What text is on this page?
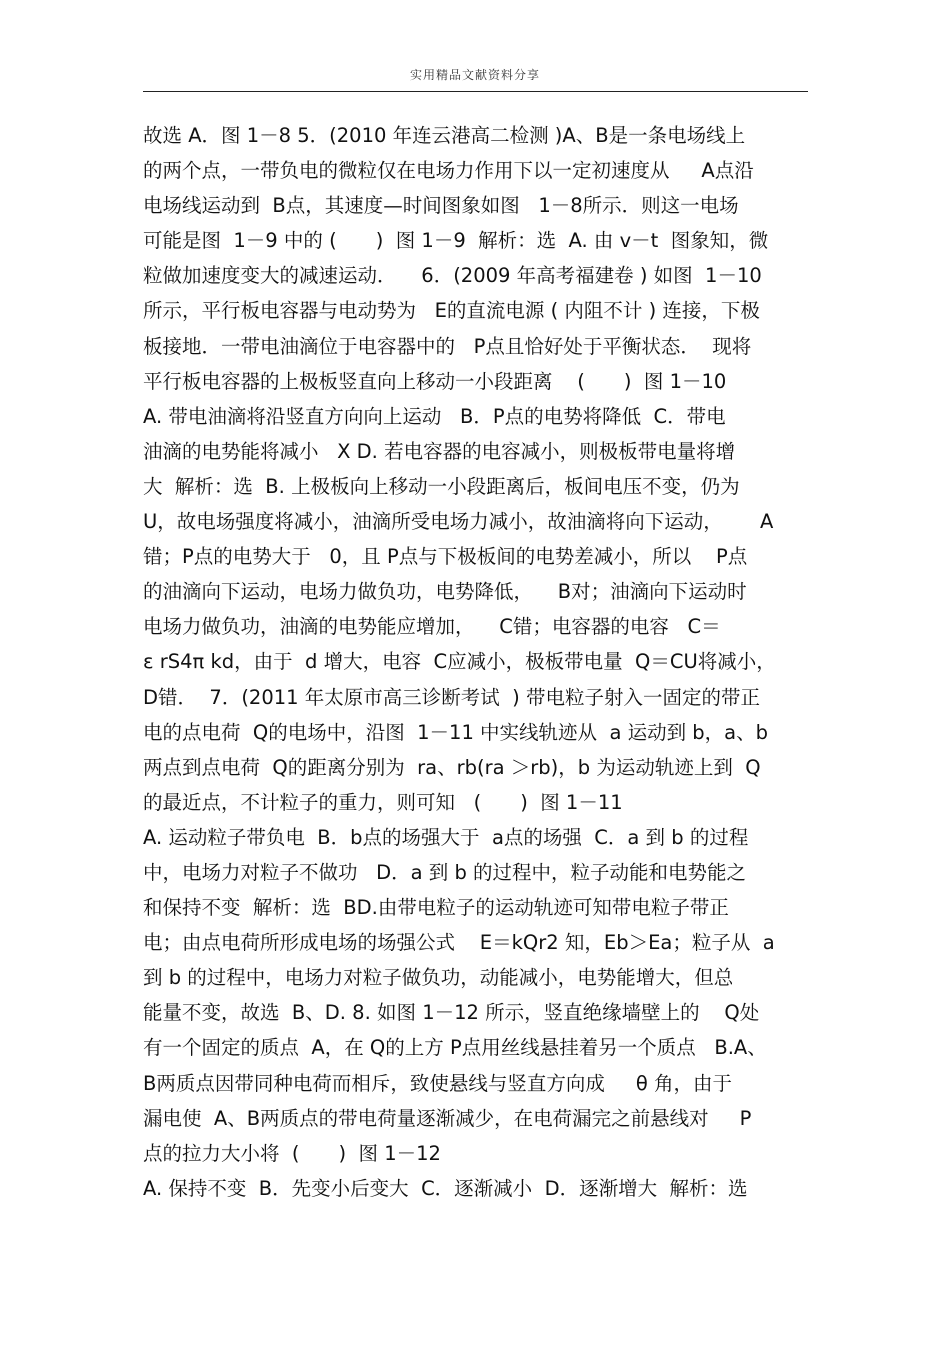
实用精品文献资料分享
故选 A．图 1－8 5．(2010 年连云港高二检测 )A、B是一条电场线上
的两个点，一带负电的微粒仅在电场力作用下以一定初速度从　  A点沿
电场线运动到  B点，其速度—时间图象如图   1－8所示．则这一电场
可能是图  1－9 中的 (　　)  图 1－9  解析：选  A. 由 v－t  图象知，微
粒做加速度变大的减速运动．    6．(2009 年高考福建卷 ) 如图  1－10
所示，平行板电容器与电动势为   E的直流电源 ( 内阻不计 ) 连接，下极
板接地．一带电油滴位于电容器中的   P点且恰好处于平衡状态．  现将
平行板电容器的上极板竖直向上移动一小段距离    (　　)  图 1－10
A. 带电油滴将沿竖直方向向上运动   B．P点的电势将降低  C．带电
油滴的电势能将减小   X D. 若电容器的电容减小，则极板带电量将增
大  解析：选  B. 上极板向上移动一小段距离后，板间电压不变，仍为
U，故电场强度将减小，油滴所受电场力减小，故油滴将向下运动，      A
错；P点的电势大于   0，且 P点与下极板间的电势差减小，所以    P点
的油滴向下运动，电场力做负功，电势降低，    B对；油滴向下运动时
电场力做负功，油滴的电势能应增加，    C错；电容器的电容   C＝
ε rS4π kd，由于  d 增大，电容  C应减小，极板带电量  Q＝CU将减小，
D错．  7．(2011 年太原市高三诊断考试  ) 带电粒子射入一固定的带正
电的点电荷  Q的电场中，沿图  1－11 中实线轨迹从  a 运动到 b，a、b
两点到点电荷  Q的距离分别为  ra、rb(ra ＞rb)，b 为运动轨迹上到  Q
的最近点，不计粒子的重力，则可知   (　　)  图 1－11
A. 运动粒子带负电  B．b点的场强大于  a点的场强  C．a 到 b 的过程
中，电场力对粒子不做功   D．a 到 b 的过程中，粒子动能和电势能之
和保持不变  解析：选  BD.由带电粒子的运动轨迹可知带电粒子带正
电；由点电荷所形成电场的场强公式    E＝kQr2 知，Eb＞Ea；粒子从  a
到 b 的过程中，电场力对粒子做负功，动能减小，电势能增大，但总
能量不变，故选  B、D. 8. 如图 1－12 所示，竖直绝缘墙壁上的    Q处
有一个固定的质点  A，在 Q的上方 P点用丝线悬挂着另一个质点   B.A、
B两质点因带同种电荷而相斥，致使悬线与竖直方向成     θ 角，由于
漏电使  A、B两质点的带电荷量逐渐减少，在电荷漏完之前悬线对     P
点的拉力大小将  (　　)  图 1－12
A. 保持不变  B．先变小后变大  C．逐渐减小  D．逐渐增大  解析：选
